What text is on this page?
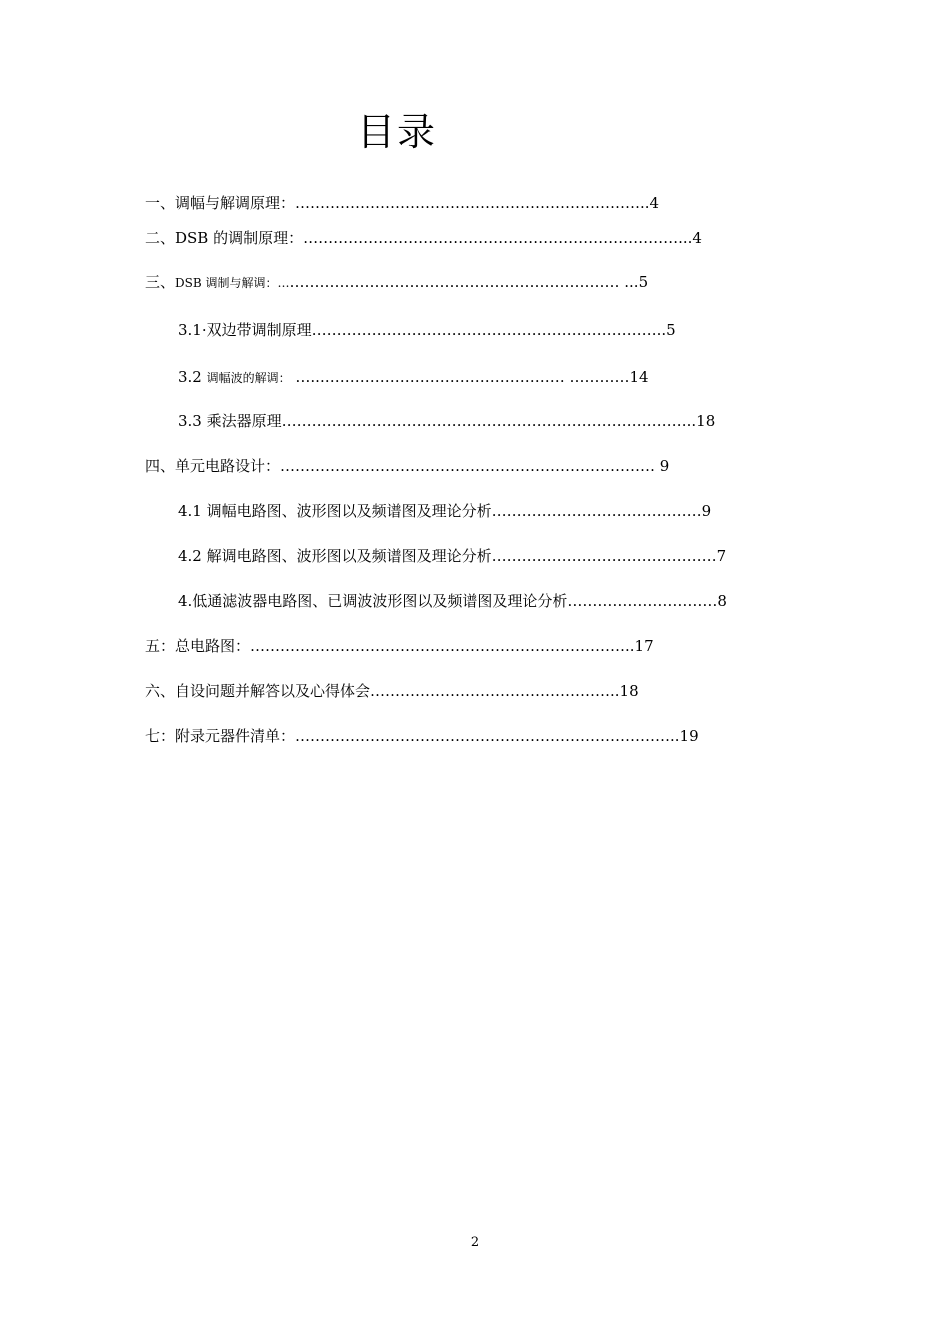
目录
一、调幅与解调原理：……………………………………………………………..4
二、DSB 的调制原理：…………………………………………………………………...4
三、DSB 调制与解调：…………………………………………………………… ...5
3.1·双边带调制原理……………………………………………………………..5
3.2 调幅波的解调： …...………………………………………… …………14
3.3 乘法器原理………………………………………………………………………..18
四、单元电路设计：………………………………………………………………… 9
4.1 调幅电路图、波形图以及频谱图及理论分析……………………………………9
4.2 解调电路图、波形图以及频谱图及理论分析………………………………………7
4.低通滤波器电路图、已调波波形图以及频谱图及理论分析…………………………8
五：总电路图：…………………………………………………………………..17
六、自设问题并解答以及心得体会…………………………………………..18
七：附录元器件清单：…………………………………………………………………..19
2
